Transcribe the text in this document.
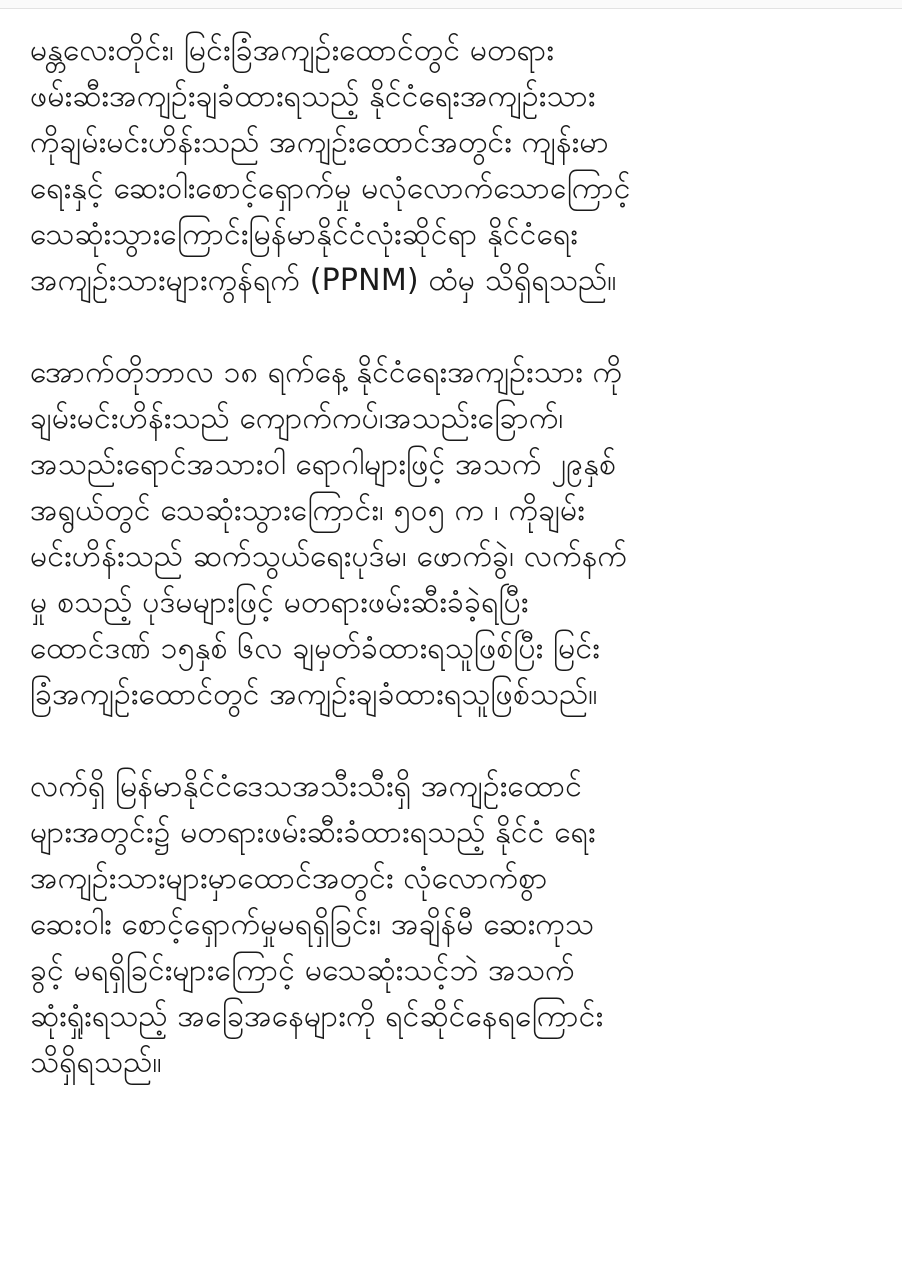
မန္တလေးတိုင်း၊ မြင်းခြံအကျဉ်းထောင်တွင် မတရား
ဖမ်းဆီးအကျဉ်းချခံထားရသည့် နိုင်ငံရေးအကျဉ်းသား
ကိုချမ်းမင်းဟိန်းသည် အကျဉ်းထောင်အတွင်း ကျန်းမာ
ရေးနှင့် ဆေးဝါးစောင့်ရှောက်မှု မလုံလောက်သောကြောင့်
သေဆုံးသွားကြောင်းမြန်မာနိုင်ငံလုံးဆိုင်ရာ နိုင်ငံရေး
အကျဉ်းသားများကွန်ရက် (PPNM) ထံမှ သိရှိရသည်။
အောက်တိုဘာလ ၁၈ ရက်နေ့ နိုင်ငံရေးအကျဉ်းသား ကို
ချမ်းမင်းဟိန်းသည် ကျောက်ကပ်၊အသည်းခြောက်၊
အသည်းရောင်အသားဝါ ရောဂါများဖြင့် အသက် ၂၉နှစ်
အရွယ်တွင် သေဆုံးသွားကြောင်း၊ ၅၀၅ က ၊ ကိုချမ်း
မင်းဟိန်းသည် ဆက်သွယ်ရေးပုဒ်မ၊ ဖောက်ခွဲ၊ လက်နက်
မှု စသည့် ပုဒ်မများဖြင့် မတရားဖမ်းဆီးခံခဲ့ရပြီး
ထောင်ဒဏ် ၁၅နှစ် ၆လ ချမှတ်ခံထားရသူဖြစ်ပြီး မြင်း
ခြံအကျဉ်းထောင်တွင် အကျဉ်းချခံထားရသူဖြစ်သည်။
လက်ရှိ မြန်မာနိုင်ငံဒေသအသီးသီးရှိ အကျဉ်းထောင်
များအတွင်း၌ မတရားဖမ်းဆီးခံထားရသည့် နိုင်ငံ ရေး
အကျဉ်းသားများမှာထောင်အတွင်း လုံလောက်စွာ
ဆေးဝါး စောင့်ရှောက်မှုမရရှိခြင်း၊ အချိန်မီ ဆေးကုသ
ခွင့် မရရှိခြင်းများကြောင့် မသေဆုံးသင့်ဘဲ အသက်
ဆုံးရှုံးရသည့် အခြေအနေများကို ရင်ဆိုင်နေရကြောင်း
သိရှိရသည်။
